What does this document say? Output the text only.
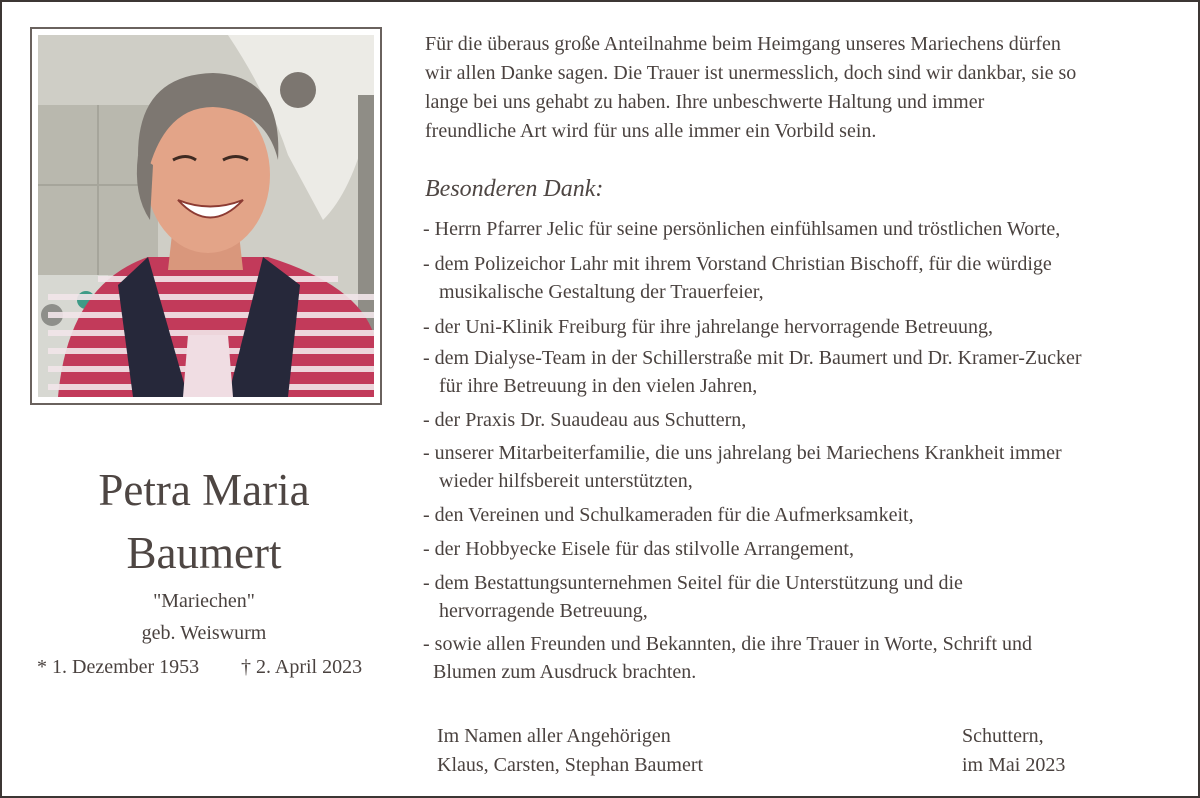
Petra Maria
Baumert
"Mariechen"
geb. Weiswurm
* 1. Dezember 1953 † 2. April 2023
Für die überaus große Anteilnahme beim Heimgang unseres Mariechens dürfen
wir allen Danke sagen. Die Trauer ist unermesslich, doch sind wir dankbar, sie so
lange bei uns gehabt zu haben. Ihre unbeschwerte Haltung und immer
freundliche Art wird für uns alle immer ein Vorbild sein.
Besonderen Dank:
- Herrn Pfarrer Jelic für seine persönlichen einfühlsamen und tröstlichen Worte,
- dem Polizeichor Lahr mit ihrem Vorstand Christian Bischoff, für die würdige
musikalische Gestaltung der Trauerfeier,
- der Uni-Klinik Freiburg für ihre jahrelange hervorragende Betreuung,
- dem Dialyse-Team in der Schillerstraße mit Dr. Baumert und Dr. Kramer-Zucker
für ihre Betreuung in den vielen Jahren,
- der Praxis Dr. Suaudeau aus Schuttern,
- unserer Mitarbeiterfamilie, die uns jahrelang bei Mariechens Krankheit immer
wieder hilfsbereit unterstützten,
- den Vereinen und Schulkameraden für die Aufmerksamkeit,
- der Hobbyecke Eisele für das stilvolle Arrangement,
- dem Bestattungsunternehmen Seitel für die Unterstützung und die
hervorragende Betreuung,
- sowie allen Freunden und Bekannten, die ihre Trauer in Worte, Schrift und
Blumen zum Ausdruck brachten.
Im Namen aller Angehörigen
Klaus, Carsten, Stephan Baumert
Schuttern,
im Mai 2023
